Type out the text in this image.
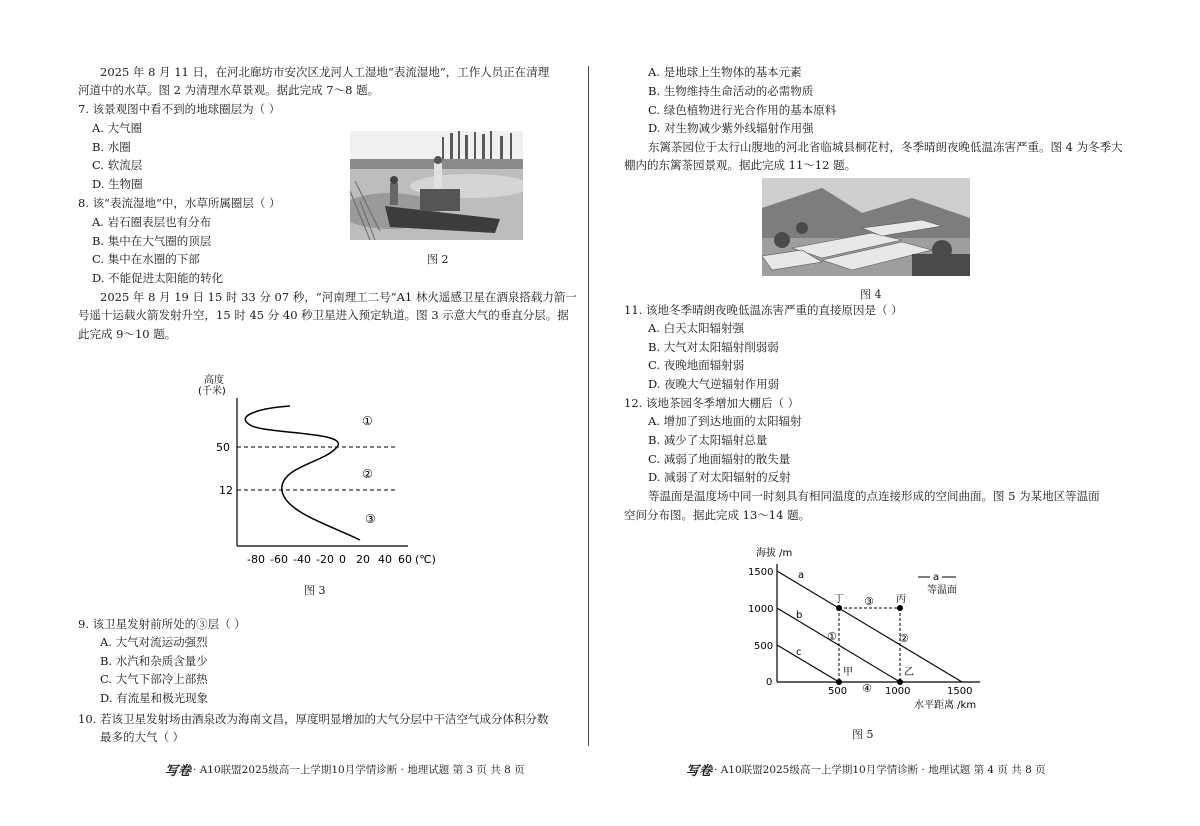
2025 年 8 月 11 日，在河北廊坊市安次区龙河人工湿地“表流湿地”，工作人员正在清理
河道中的水草。图 2 为清理水草景观。据此完成 7～8 题。
7. 该景观图中看不到的地球圈层为（ ）
A. 大气圈
B. 水圈
C. 软流层
D. 生物圈
图 2
8. 该“表流湿地”中，水草所属圈层（ ）
A. 岩石圈表层也有分布
B. 集中在大气圈的顶层
C. 集中在水圈的下部
D. 不能促进太阳能的转化
2025 年 8 月 19 日 15 时 33 分 07 秒，“河南理工二号”A1 林火遥感卫星在酒泉搭载力箭一
号遥十运载火箭发射升空，15 时 45 分 40 秒卫星进入预定轨道。图 3 示意大气的垂直分层。据
此完成 9～10 题。
高度
(千米)
50
12
①
②
③
-80 -60 -40 -20 0 20 40 60 (℃)
图 3
9. 该卫星发射前所处的③层（ ）
A. 大气对流运动强烈
B. 水汽和杂质含量少
C. 大气下部冷上部热
D. 有流星和极光现象
10. 若该卫星发射场由酒泉改为海南文昌，厚度明显增加的大气分层中干洁空气成分体积分数
最多的大气（ ）
写卷 · A10联盟2025级高一上学期10月学情诊断 · 地理试题 第 3 页 共 8 页
A. 是地球上生物体的基本元素
B. 生物维持生命活动的必需物质
C. 绿色植物进行光合作用的基本原料
D. 对生物减少紫外线辐射作用强
东篱茶园位于太行山腹地的河北省临城县桐花村，冬季晴朗夜晚低温冻害严重。图 4 为冬季大
棚内的东篱茶园景观。据此完成 11～12 题。
图 4
11. 该地冬季晴朗夜晚低温冻害严重的直接原因是（ ）
A. 白天太阳辐射强
B. 大气对太阳辐射削弱弱
C. 夜晚地面辐射弱
D. 夜晚大气逆辐射作用弱
12. 该地茶园冬季增加大棚后（ ）
A. 增加了到达地面的太阳辐射
B. 减少了太阳辐射总量
C. 减弱了地面辐射的散失量
D. 减弱了对太阳辐射的反射
等温面是温度场中同一时刻具有相同温度的点连接形成的空间曲面。图 5 为某地区等温面
空间分布图。据此完成 13～14 题。
海拔 /m
1500
1000
500
0
a
b
c
丁	丙
甲	乙
①	②
③
④
500	1000	1500
水平距离 /km
a
等温面
图 5
写卷 · A10联盟2025级高一上学期10月学情诊断 · 地理试题 第 4 页 共 8 页
